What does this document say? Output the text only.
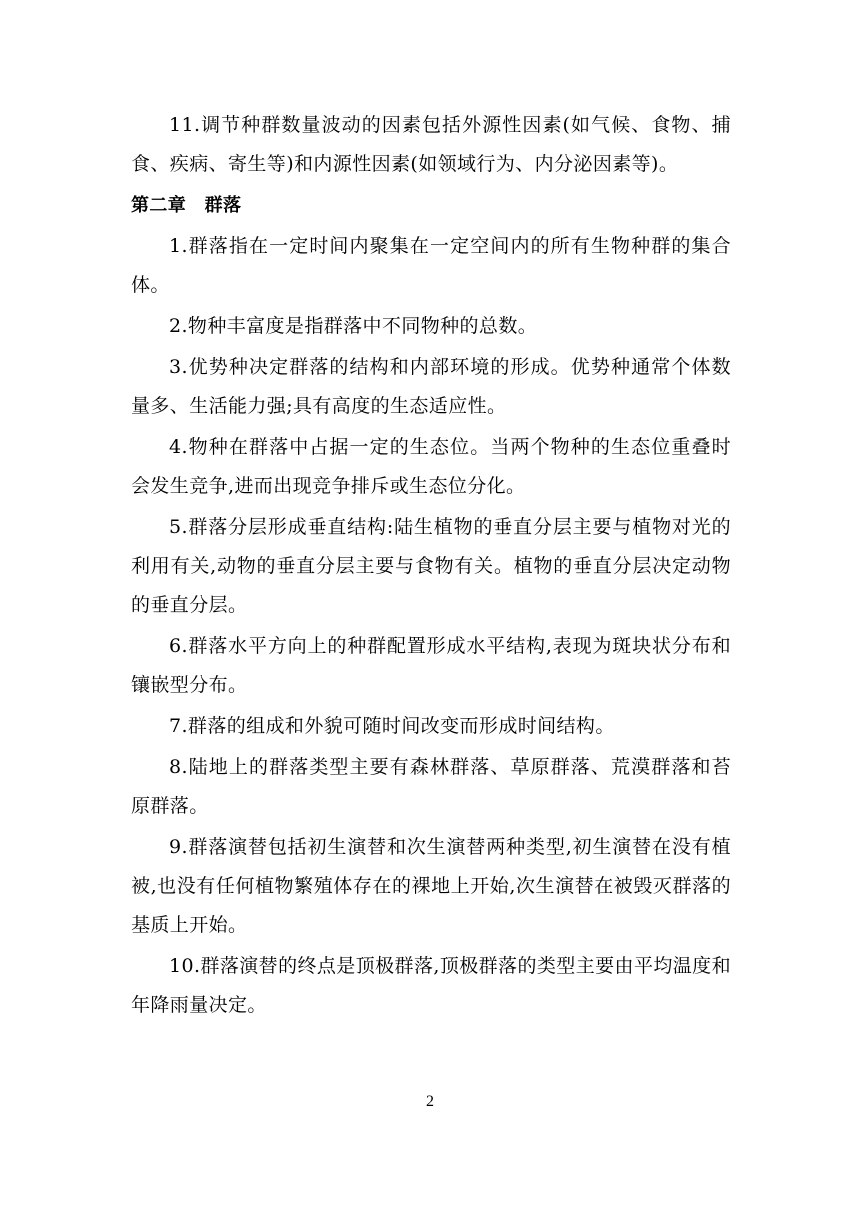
11.调节种群数量波动的因素包括外源性因素(如气候、食物、捕食、疾病、寄生等)和内源性因素(如领域行为、内分泌因素等)。

第二章　群落

1.群落指在一定时间内聚集在一定空间内的所有生物种群的集合体。

2.物种丰富度是指群落中不同物种的总数。

3.优势种决定群落的结构和内部环境的形成。优势种通常个体数量多、生活能力强;具有高度的生态适应性。

4.物种在群落中占据一定的生态位。当两个物种的生态位重叠时会发生竞争,进而出现竞争排斥或生态位分化。

5.群落分层形成垂直结构:陆生植物的垂直分层主要与植物对光的利用有关,动物的垂直分层主要与食物有关。植物的垂直分层决定动物的垂直分层。

6.群落水平方向上的种群配置形成水平结构,表现为斑块状分布和镶嵌型分布。

7.群落的组成和外貌可随时间改变而形成时间结构。

8.陆地上的群落类型主要有森林群落、草原群落、荒漠群落和苔原群落。

9.群落演替包括初生演替和次生演替两种类型,初生演替在没有植被,也没有任何植物繁殖体存在的裸地上开始,次生演替在被毁灭群落的基质上开始。

10.群落演替的终点是顶极群落,顶极群落的类型主要由平均温度和年降雨量决定。

2
